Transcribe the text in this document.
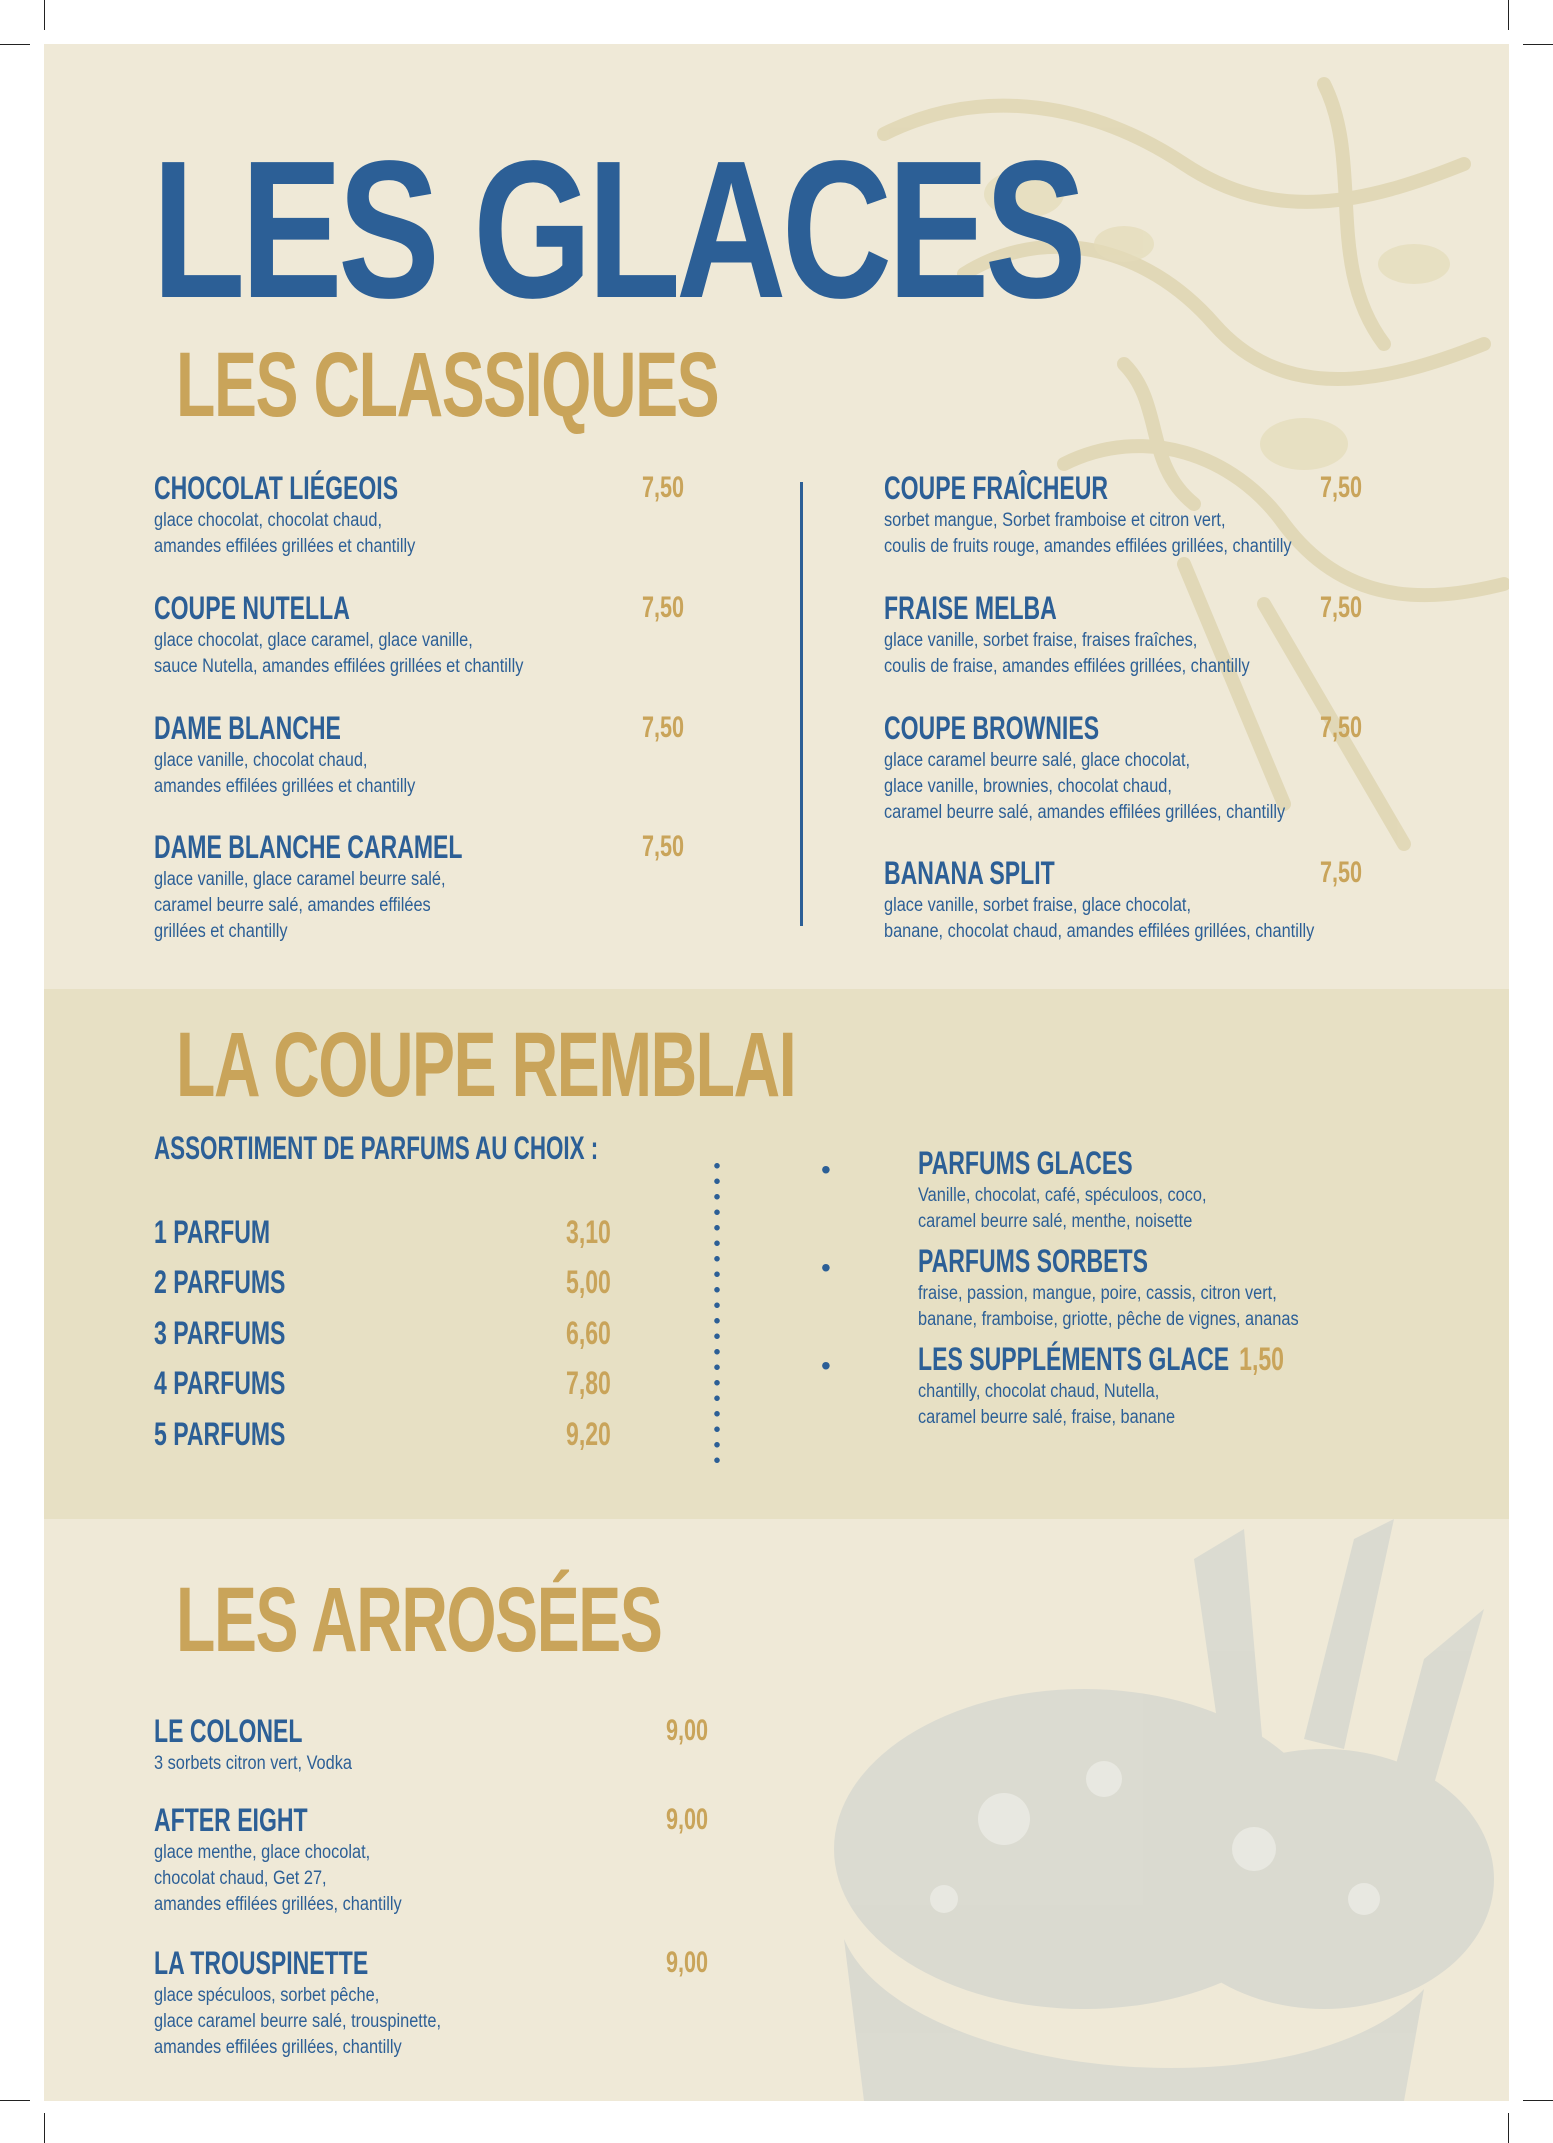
LES GLACES
LES CLASSIQUES
CHOCOLAT LIÉGEOIS	7,50
glace chocolat, chocolat chaud,
amandes effilées grillées et chantilly
COUPE NUTELLA	7,50
glace chocolat, glace caramel, glace vanille,
sauce Nutella, amandes effilées grillées et chantilly
DAME BLANCHE	7,50
glace vanille, chocolat chaud,
amandes effilées grillées et chantilly
DAME BLANCHE CARAMEL	7,50
glace vanille, glace caramel beurre salé,
caramel beurre salé, amandes effilées
grillées et chantilly
COUPE FRAÎCHEUR	7,50
sorbet mangue, Sorbet framboise et citron vert,
coulis de fruits rouge, amandes effilées grillées, chantilly
FRAISE MELBA	7,50
glace vanille, sorbet fraise, fraises fraîches,
coulis de fraise, amandes effilées grillées, chantilly
COUPE BROWNIES	7,50
glace caramel beurre salé, glace chocolat,
glace vanille, brownies, chocolat chaud,
caramel beurre salé, amandes effilées grillées, chantilly
BANANA SPLIT	7,50
glace vanille, sorbet fraise, glace chocolat,
banane, chocolat chaud, amandes effilées grillées, chantilly
LA COUPE REMBLAI
ASSORTIMENT DE PARFUMS AU CHOIX :
1 PARFUM	3,10
2 PARFUMS	5,00
3 PARFUMS	6,60
4 PARFUMS	7,80
5 PARFUMS	9,20
•	PARFUMS GLACES
Vanille, chocolat, café, spéculoos, coco,
caramel beurre salé, menthe, noisette
•	PARFUMS SORBETS
fraise, passion, mangue, poire, cassis, citron vert,
banane, framboise, griotte, pêche de vignes, ananas
•	LES SUPPLÉMENTS GLACE 1,50
chantilly, chocolat chaud, Nutella,
caramel beurre salé, fraise, banane
LES ARROSÉES
LE COLONEL	9,00
3 sorbets citron vert, Vodka
AFTER EIGHT	9,00
glace menthe, glace chocolat,
chocolat chaud, Get 27,
amandes effilées grillées, chantilly
LA TROUSPINETTE	9,00
glace spéculoos, sorbet pêche,
glace caramel beurre salé, trouspinette,
amandes effilées grillées, chantilly
